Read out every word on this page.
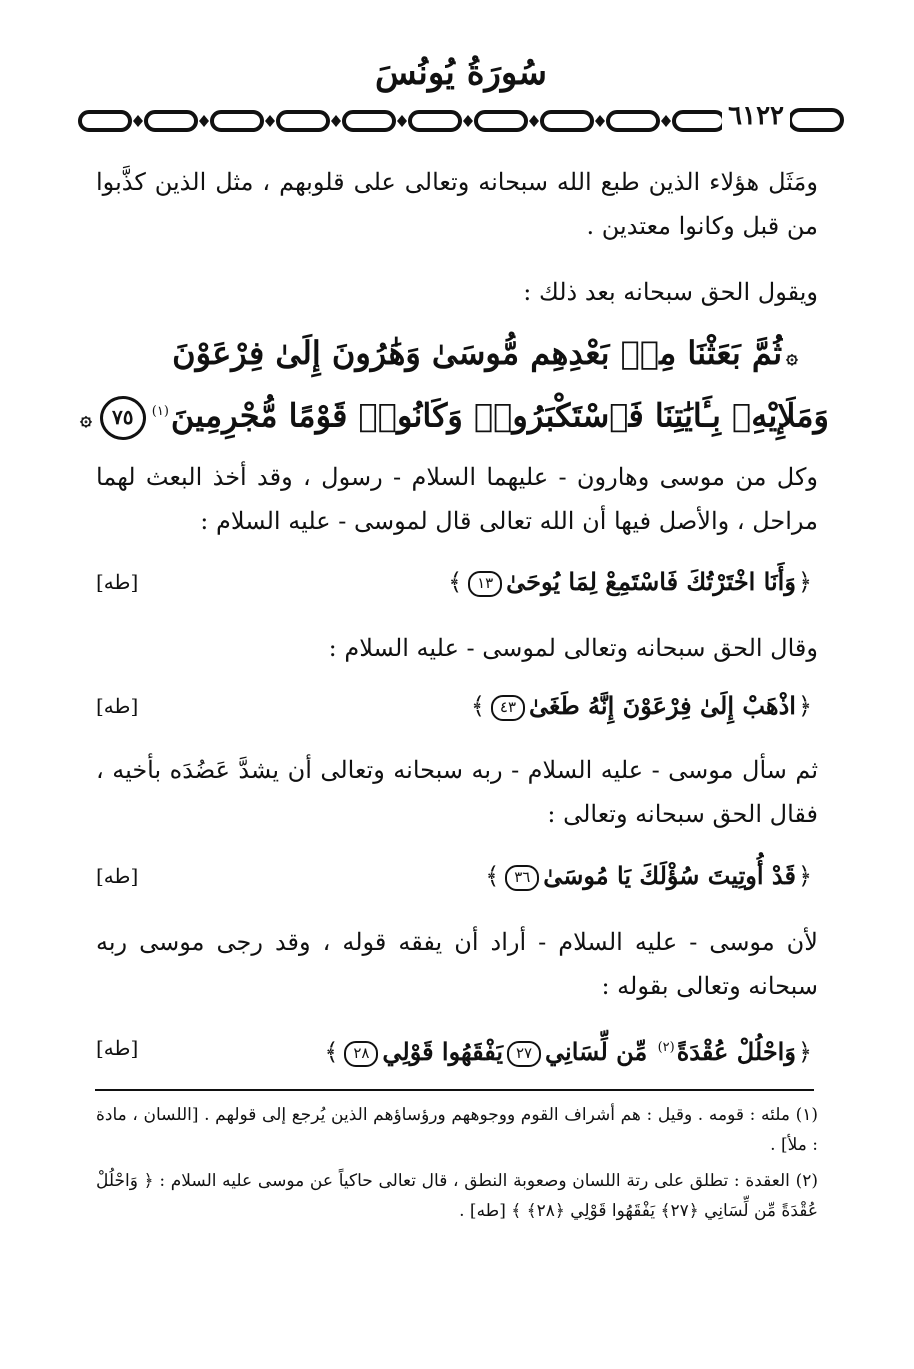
سُورَةُ يُونُسَ
٦١٢٢
ومَثَل هؤلاء الذين طبع الله سبحانه وتعالى على قلوبهم ، مثل الذين كذَّبوا من قبل وكانوا معتدين .
ويقول الحق سبحانه بعد ذلك :
۞ثُمَّ بَعَثْنَا مِنۢ بَعْدِهِم مُّوسَىٰ وَهَٰرُونَ إِلَىٰ فِرْعَوْنَ
وَمَلَإِيْهِۦ بِـَٔايَٰتِنَا فَٱسْتَكْبَرُوا۟ وَكَانُوا۟ قَوْمًا مُّجْرِمِينَ$^{(١)}$٧٥۞
وكل من موسى وهارون - عليهما السلام - رسول ، وقد أخذ البعث لهما مراحل ، والأصل فيها أن الله تعالى قال لموسى - عليه السلام :
﴿وَأَنَا اخْتَرْتُكَ فَاسْتَمِعْ لِمَا يُوحَىٰ١٣﴾
[طه]
وقال الحق سبحانه وتعالى لموسى - عليه السلام :
﴿اذْهَبْ إِلَىٰ فِرْعَوْنَ إِنَّهُ طَغَىٰ٤٣﴾
[طه]
ثم سأل موسى - عليه السلام - ربه سبحانه وتعالى أن يشدَّ عَضُدَه بأخيه ، فقال الحق سبحانه وتعالى :
﴿قَدْ أُوتِيتَ سُؤْلَكَ يَا مُوسَىٰ٣٦﴾
[طه]
لأن موسى - عليه السلام - أراد أن يفقه قوله ، وقد رجى موسى ربه سبحانه وتعالى بقوله :
﴿وَاحْلُلْ عُقْدَةً$^{(٢)}$ مِّن لِّسَانِي٢٧يَفْقَهُوا قَوْلِي٢٨﴾
[طه]
(١) ملئه : قومه . وقيل : هم أشراف القوم ووجوههم ورؤساؤهم الذين يُرجع إلى قولهم . [اللسان ، مادة : ملأ] .
(٢) العقدة : تطلق على رتة اللسان وصعوبة النطق ، قال تعالى حاكياً عن موسى عليه السلام : ﴿ وَاحْلُلْ عُقْدَةً مِّن لِّسَانِي ﴿٢٧﴾ يَفْقَهُوا قَوْلِي ﴿٢٨﴾ ﴾ [طه] .
